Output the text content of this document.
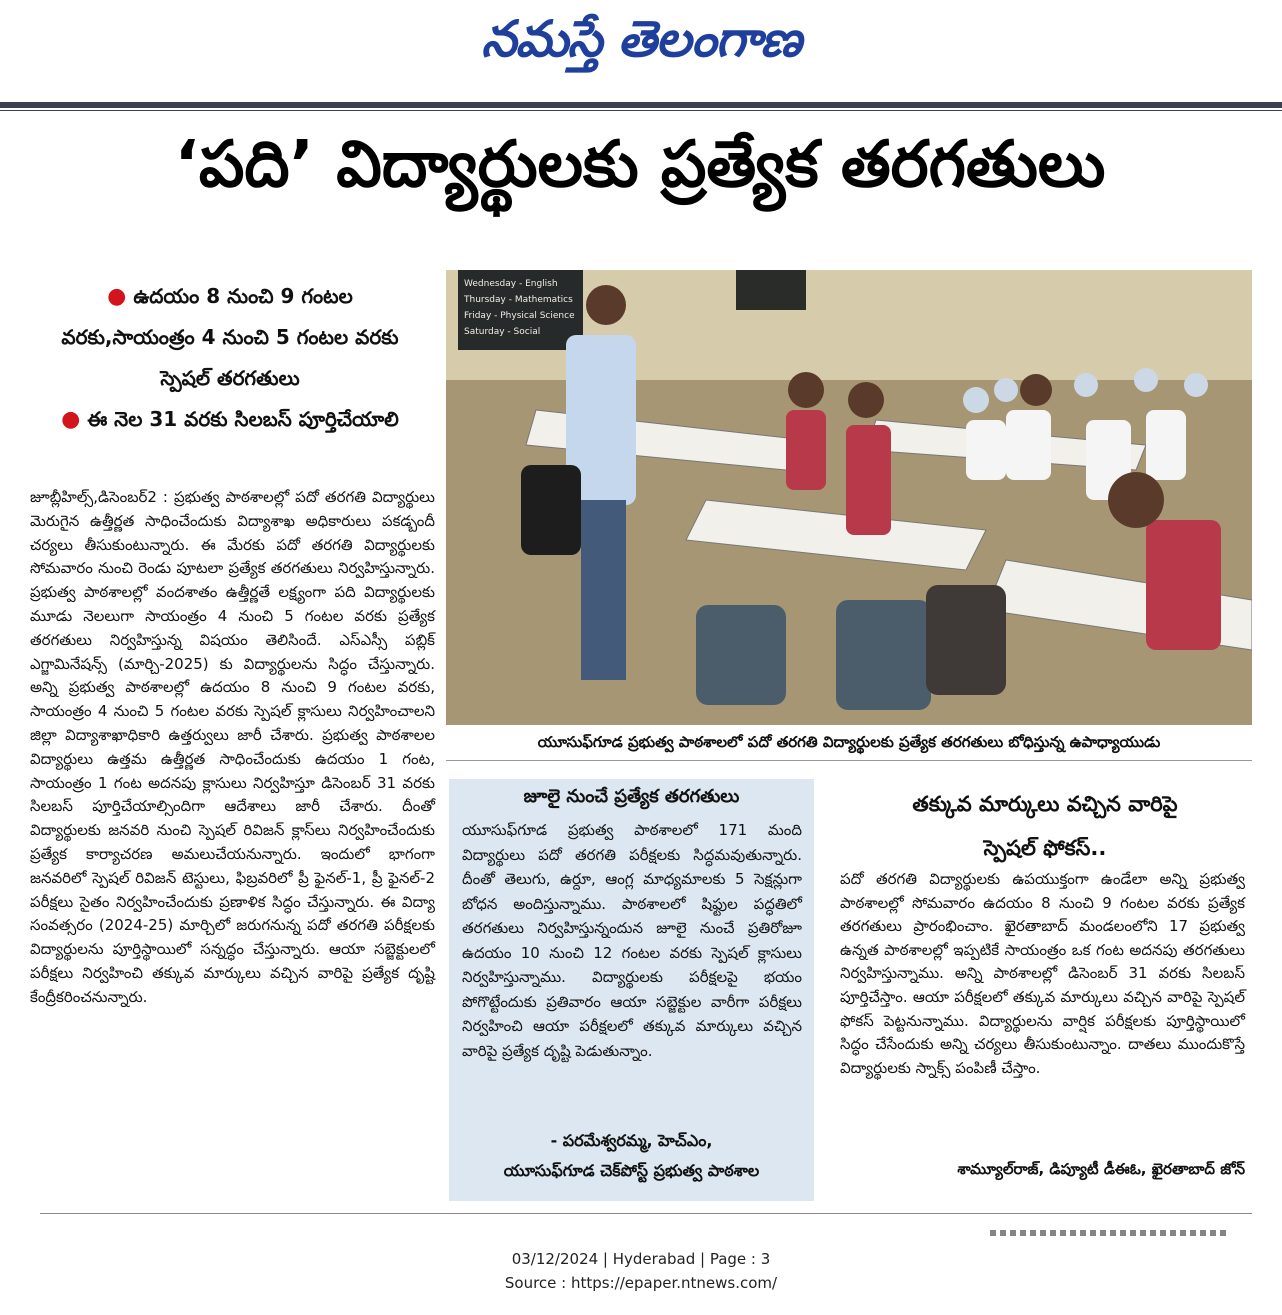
నమస్తే తెలంగాణ
‘పది’ విద్యార్థులకు ప్రత్యేక తరగతులు
● ఉదయం 8 నుంచి 9 గంటల వరకు,సాయంత్రం 4 నుంచి 5 గంటల వరకు స్పెషల్ తరగతులు
● ఈ నెల 31 వరకు సిలబస్ పూర్తిచేయాలి
జూబ్లీహిల్స్,డిసెంబర్2 : ప్రభుత్వ పాఠశాలల్లో పదో తరగతి విద్యార్థులు మెరుగైన ఉత్తీర్ణత సాధించేందుకు విద్యాశాఖ అధికారులు పకడ్బందీ చర్యలు తీసుకుంటున్నారు. ఈ మేరకు పదో తరగతి విద్యార్థులకు సోమవారం నుంచి రెండు పూటలా ప్రత్యేక తరగతులు నిర్వహిస్తున్నారు. ప్రభుత్వ పాఠశాలల్లో వందశాతం ఉత్తీర్ణతే లక్ష్యంగా పది విద్యార్థులకు మూడు నెలలుగా సాయంత్రం 4 నుంచి 5 గంటల వరకు ప్రత్యేక తరగతులు నిర్వహిస్తున్న విషయం తెలిసిందే. ఎస్ఎస్సీ పబ్లిక్ ఎగ్జామినేషన్స్ (మార్చి-2025) కు విద్యార్థులను సిద్ధం చేస్తున్నారు. అన్ని ప్రభుత్వ పాఠశాలల్లో ఉదయం 8 నుంచి 9 గంటల వరకు, సాయంత్రం 4 నుంచి 5 గంటల వరకు స్పెషల్ క్లాసులు నిర్వహించాలని జిల్లా విద్యాశాఖాధికారి ఉత్తర్వులు జారీ చేశారు. ప్రభుత్వ పాఠశాలల విద్యార్థులు ఉత్తమ ఉత్తీర్ణత సాధించేందుకు ఉదయం 1 గంట, సాయంత్రం 1 గంట అదనపు క్లాసులు నిర్వహిస్తూ డిసెంబర్ 31 వరకు సిలబస్ పూర్తిచేయాల్సిందిగా ఆదేశాలు జారీ చేశారు. దీంతో విద్యార్థులకు జనవరి నుంచి స్పెషల్ రివిజన్ క్లాస్‌లు నిర్వహించేందుకు ప్రత్యేక కార్యాచరణ అమలుచేయనున్నారు. ఇందులో భాగంగా జనవరిలో స్పెషల్ రివిజన్ టెస్టులు, ఫిబ్రవరిలో ప్రీ ఫైనల్-1, ప్రీ ఫైనల్-2 పరీక్షలు సైతం నిర్వహించేందుకు ప్రణాళిక సిద్ధం చేస్తున్నారు. ఈ విద్యా సంవత్సరం (2024-25) మార్చిలో జరుగనున్న పదో తరగతి పరీక్షలకు విద్యార్థులను పూర్తిస్థాయిలో సన్నద్ధం చేస్తున్నారు. ఆయా సబ్జెక్టులలో పరీక్షలు నిర్వహించి తక్కువ మార్కులు వచ్చిన వారిపై ప్రత్యేక దృష్టి కేంద్రీకరించనున్నారు.
Wednesday - English
Thursday - Mathematics
Friday - Physical Science
Saturday - Social
యూసుఫ్‌గూడ ప్రభుత్వ పాఠశాలలో పదో తరగతి విద్యార్థులకు ప్రత్యేక తరగతులు బోధిస్తున్న ఉపాధ్యాయుడు
జూలై నుంచే ప్రత్యేక తరగతులు
యూసుఫ్‌గూడ ప్రభుత్వ పాఠశాలలో 171 మంది విద్యార్థులు పదో తరగతి పరీక్షలకు సిద్ధమవుతున్నారు. దీంతో తెలుగు, ఉర్దూ, ఆంగ్ల మాధ్యమాలకు 5 సెక్షన్లుగా బోధన అందిస్తున్నాము. పాఠశాలలో షిఫ్టుల పద్ధతిలో తరగతులు నిర్వహిస్తున్నందున జూలై నుంచే ప్రతిరోజూ ఉదయం 10 నుంచి 12 గంటల వరకు స్పెషల్ క్లాసులు నిర్వహిస్తున్నాము. విద్యార్థులకు పరీక్షలపై భయం పోగొట్టేందుకు ప్రతివారం ఆయా సబ్జెక్టుల వారీగా పరీక్షలు నిర్వహించి ఆయా పరీక్షలలో తక్కువ మార్కులు వచ్చిన వారిపై ప్రత్యేక దృష్టి పెడుతున్నాం.
- పరమేశ్వరమ్మ, హెచ్‌ఎం,
యూసుఫ్‌గూడ చెక్‌పోస్ట్ ప్రభుత్వ పాఠశాల
తక్కువ మార్కులు వచ్చిన వారిపై
స్పెషల్ ఫోకస్..
పదో తరగతి విద్యార్థులకు ఉపయుక్తంగా ఉండేలా అన్ని ప్రభుత్వ పాఠశాలల్లో సోమవారం ఉదయం 8 నుంచి 9 గంటల వరకు ప్రత్యేక తరగతులు ప్రారంభించాం. ఖైరతాబాద్ మండలంలోని 17 ప్రభుత్వ ఉన్నత పాఠశాలల్లో ఇప్పటికే సాయంత్రం ఒక గంట అదనపు తరగతులు నిర్వహిస్తున్నాము. అన్ని పాఠశాలల్లో డిసెంబర్ 31 వరకు సిలబస్ పూర్తిచేస్తాం. ఆయా పరీక్షలలో తక్కువ మార్కులు వచ్చిన వారిపై స్పెషల్ ఫోకస్ పెట్టనున్నాము. విద్యార్థులను వార్షిక పరీక్షలకు పూర్తిస్థాయిలో సిద్ధం చేసేందుకు అన్ని చర్యలు తీసుకుంటున్నాం. దాతలు ముందుకొస్తే విద్యార్థులకు స్నాక్స్ పంపిణీ చేస్తాం.
శామ్యూల్‌రాజ్, డిప్యూటీ డీఈఓ, ఖైరతాబాద్ జోన్
03/12/2024 | Hyderabad | Page : 3
Source : https://epaper.ntnews.com/
